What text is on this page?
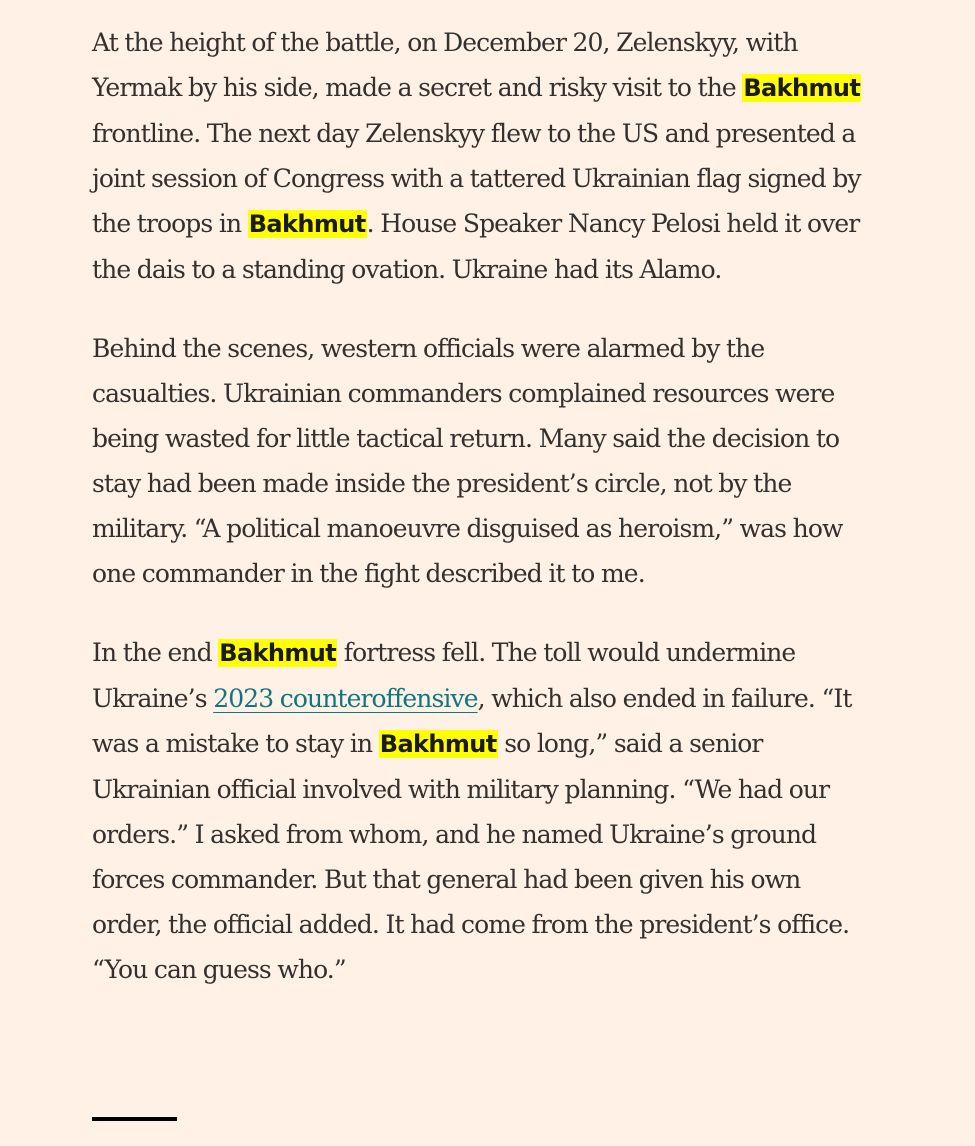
At the height of the battle, on December 20, Zelenskyy, with Yermak by his side, made a secret and risky visit to the Bakhmut frontline. The next day Zelenskyy flew to the US and presented a joint session of Congress with a tattered Ukrainian flag signed by the troops in Bakhmut. House Speaker Nancy Pelosi held it over the dais to a standing ovation. Ukraine had its Alamo.

Behind the scenes, western officials were alarmed by the casualties. Ukrainian commanders complained resources were being wasted for little tactical return. Many said the decision to stay had been made inside the president’s circle, not by the military. “A political manoeuvre disguised as heroism,” was how one commander in the fight described it to me.

In the end Bakhmut fortress fell. The toll would undermine Ukraine’s 2023 counteroffensive, which also ended in failure. “It was a mistake to stay in Bakhmut so long,” said a senior Ukrainian official involved with military planning. “We had our orders.” I asked from whom, and he named Ukraine’s ground forces commander. But that general had been given his own order, the official added. It had come from the president’s office. “You can guess who.”
